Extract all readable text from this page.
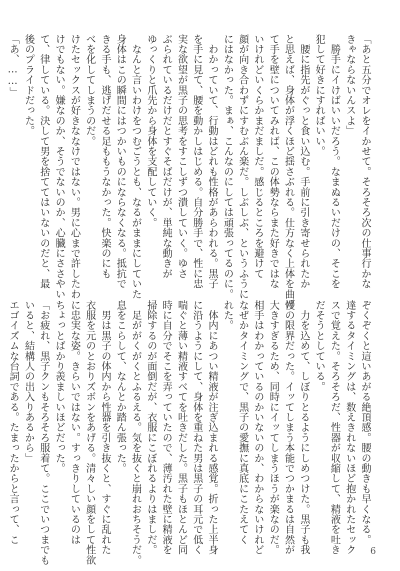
「あと五分でオレをイかせて。そろそろ次の仕事行かな
きゃならないんスよ」
　勝手にイけばいいだろう。なまぬるいだけの、そこを
犯して好きにすればいい。
　腰に指先がぐっと食い込む。手前に引き寄せられたか
と思えば、身体が浮くほど揺さぶれる。仕方なく上体を曲げ
て手を壁についてみれば、この体勢ならまた好きではな
いけれどいくらかまだましだ。感じるところを避けて
顔が向き合わずにすむぶん楽だ。しぶしぶ、というふうに
にはなかった。まぁ、こんなのにしては頑張ってるのに。
　わかっていて、行動はどれも性格があらわれる。黒子
を手に見て、腰を動かしはじめる。自分勝手で、性に忠
実な欲望が黒子の思考をすこしずつ潰していく。ゆさ
ぶられているだけだとすぐそばだけが、単純な動きが
ゆっくりと爪先から身体を支配していく。
　なんと言いわけをつむごうとも、なるがままにしていた
身体はこの瞬間にはつかいものにならなくなる。抵抗で
きる手も、逃げだせる足ももうなかった。快楽のにも
べを化してしまうのだ。
けたセックスが好きななけではない。男に心まで許したわ
けでもない。嫌なのか、そうでないのか、心臓にささやい
て、律している。決して男を捨ててはいないのだと、最
後のプライドだった。
「あ、……」
ぞくぞくと這いあがる絶頂感。腰の動きも早くなる。
達するタイミングは、数えきれないほど抱かれたセック
スで覚えた。そろそろだ、性器が収縮して、精液を吐き
だそうとしている。
　力を込めて、しぼりとるようにしめつけた。黒子も我
慢の限界だった。イッてしまう本能でつかまるは自然が
大きすぎるため、同時にイッてしまうほうが楽なのだ。
相手はわかっているのかいないのか、わからないけれど
なぜかタイミングで、黒子の愛撫に真底にこたえてく
れた。
　体内にあつい精液が注ぎ込まれる感覚。折った上半身
に沿うようにして、身体を重ねた男は黒子の耳元で低く
喘ぐと薄い精液すべてを吐きだした。黒子もほとんど同
時に自分でそこを弄っていたので、薄汚れた壁に精液を
掃除するのが面倒だが、衣服にこぼれるよりはましだ。
　足ががくがくとふるえる。気を抜くと崩れおちそうだ。
息をこらして、なんとか踏ん張った。
　男は黒子の体内から性器を引き抜くと、すぐに乱れた
衣服を元のとおりズボンをあげる。清々しい顔をして性欲
に忠実な姿。きらいではない。すっきりしているのは
ちょっとばかり羨ましいほどだった。
「お疲れ、黒子クンもそろそろ服着て。ここでいつまでも
いると、結構人の出入りあるから」
エゴイズムな台詞である。たまったからと言って、こ
6
